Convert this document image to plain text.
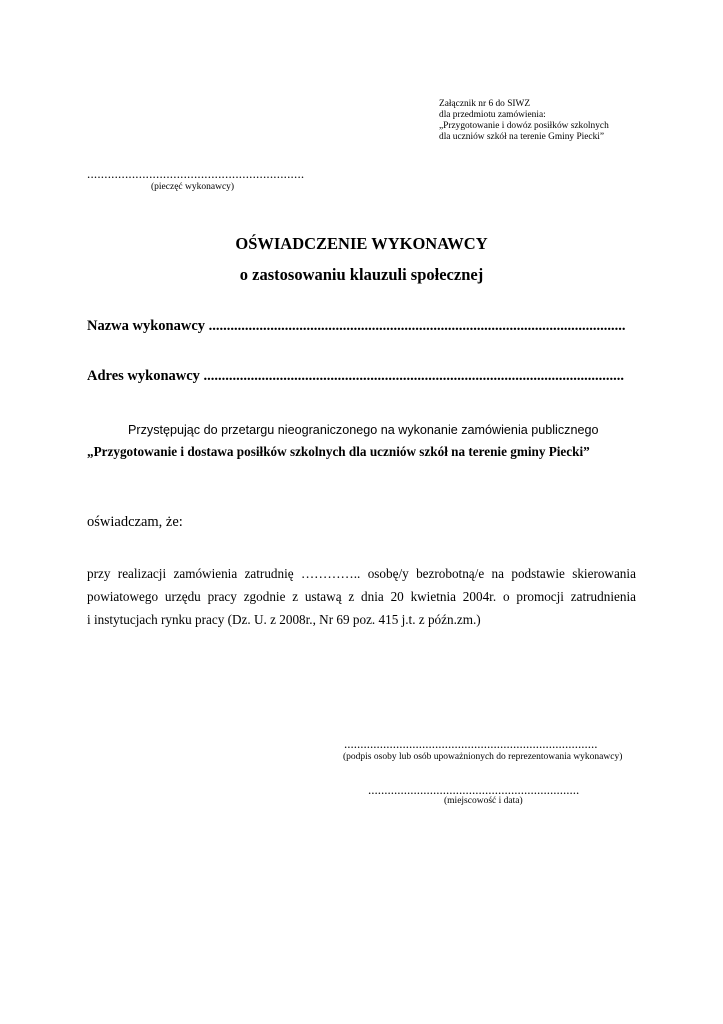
Załącznik nr 6 do SIWZ
dla przedmiotu zamówienia:
„Przygotowanie i dowóz posiłków szkolnych
dla uczniów szkół na terenie Gminy Piecki”
...............................................................
(pieczęć wykonawcy)
OŚWIADCZENIE WYKONAWCY
o zastosowaniu klauzuli społecznej
Nazwa wykonawcy ...................................................................................................................
Adres wykonawcy ....................................................................................................................
Przystępując do przetargu nieograniczonego na wykonanie zamówienia publicznego
„Przygotowanie i dostawa posiłków szkolnych dla uczniów szkół na terenie gminy Piecki”
oświadczam, że:
przy realizacji zamówienia zatrudnię ………….. osobę/y bezrobotną/e na podstawie skierowania
powiatowego urzędu pracy zgodnie z ustawą z dnia 20 kwietnia 2004r. o promocji zatrudnienia
i instytucjach rynku pracy (Dz. U. z 2008r., Nr 69 poz. 415 j.t. z późn.zm.)
..............................................................................
(podpis osoby lub osób upoważnionych do reprezentowania wykonawcy)
.................................................................
(miejscowość i data)
